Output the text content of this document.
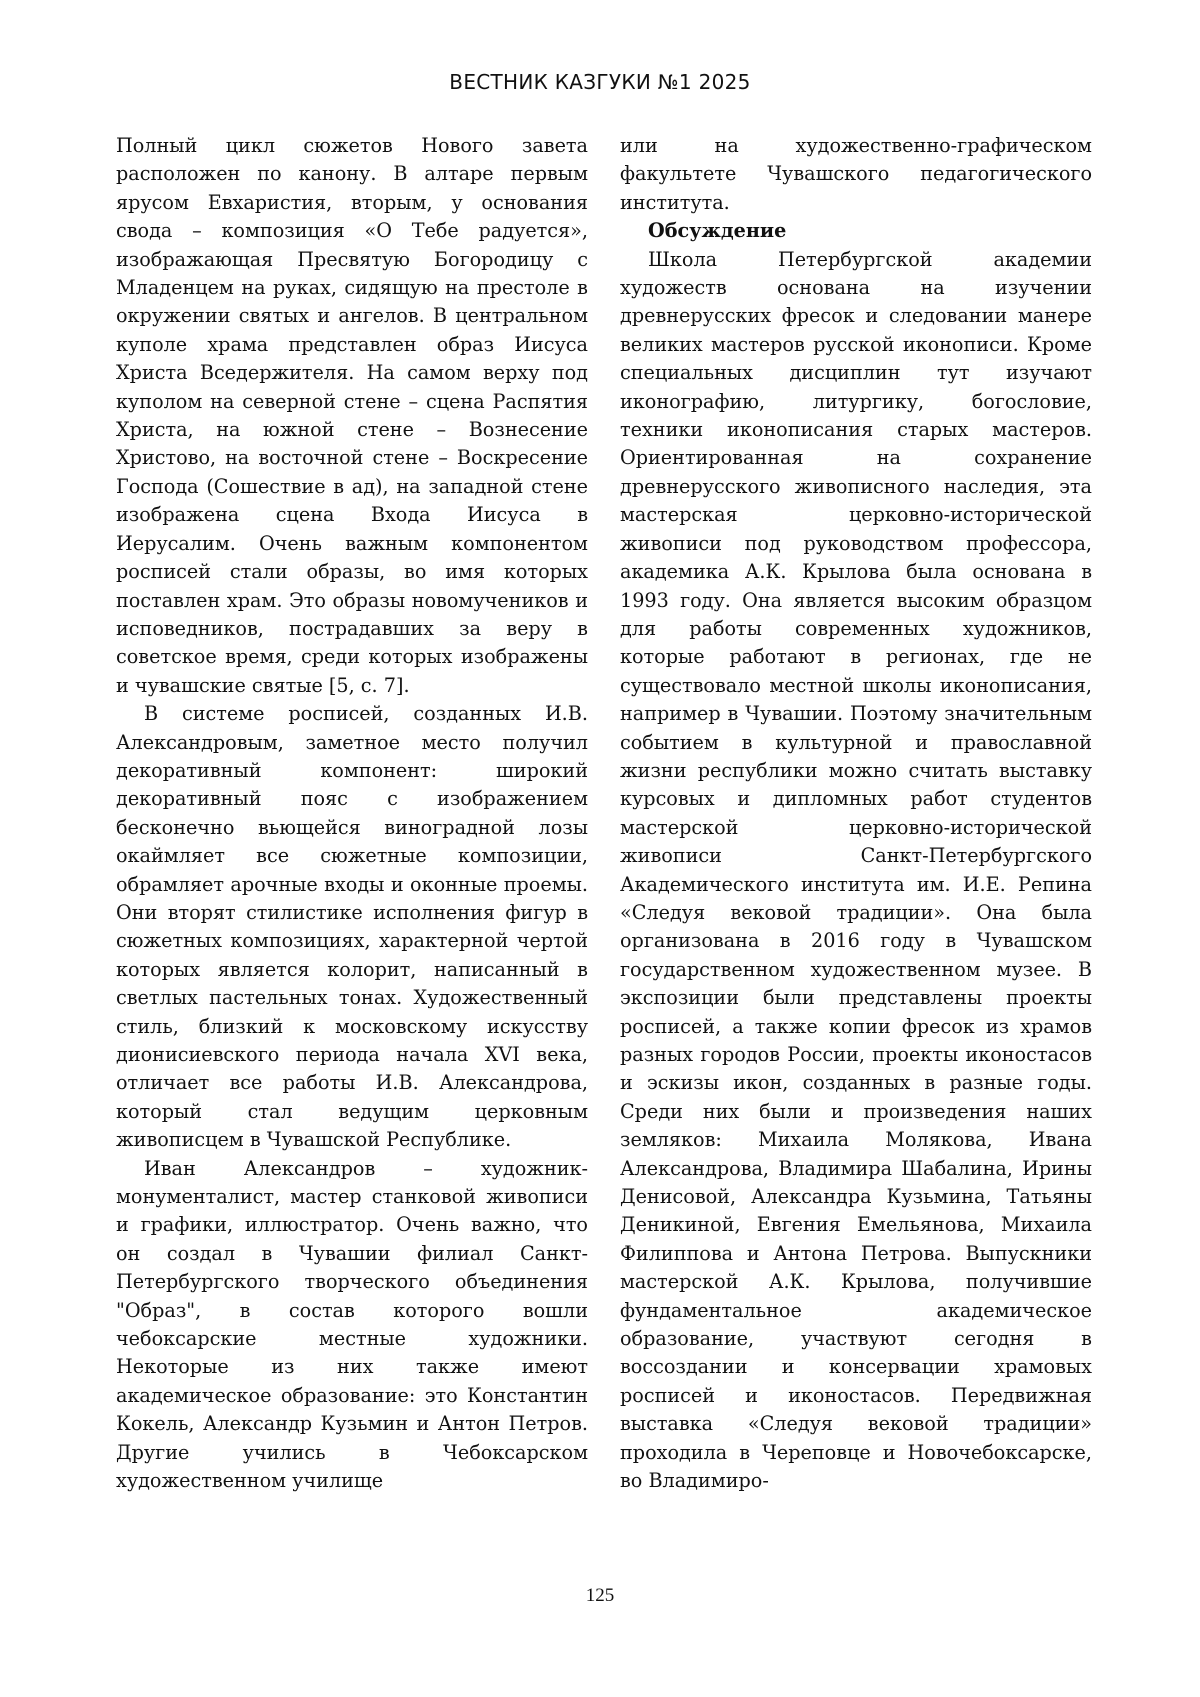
ВЕСТНИК КАЗГУКИ №1 2025

Полный цикл сюжетов Нового завета расположен по канону. В алтаре первым ярусом Евхаристия, вторым, у основания свода – композиция «О Тебе радуется», изображающая Пресвятую Богородицу с Младенцем на руках, сидящую на престоле в окружении святых и ангелов. В центральном куполе храма представлен образ Иисуса Христа Вседержителя. На самом верху под куполом на северной стене – сцена Распятия Христа, на южной стене – Вознесение Христово, на восточной стене – Воскресение Господа (Сошествие в ад), на западной стене изображена сцена Входа Иисуса в Иерусалим. Очень важным компонентом росписей стали образы, во имя которых поставлен храм. Это образы новомучеников и исповедников, пострадавших за веру в советское время, среди которых изображены и чувашские святые [5, с. 7].

В системе росписей, созданных И.В. Александровым, заметное место получил декоративный компонент: широкий декоративный пояс с изображением бесконечно вьющейся виноградной лозы окаймляет все сюжетные композиции, обрамляет арочные входы и оконные проемы. Они вторят стилистике исполнения фигур в сюжетных композициях, характерной чертой которых является колорит, написанный в светлых пастельных тонах. Художественный стиль, близкий к московскому искусству дионисиевского периода начала XVI века, отличает все работы И.В. Александрова, который стал ведущим церковным живописцем в Чувашской Республике.

Иван Александров – художник-монументалист, мастер станковой живописи и графики, иллюстратор. Очень важно, что он создал в Чувашии филиал Санкт-Петербургского творческого объединения "Образ", в состав которого вошли чебоксарские местные художники. Некоторые из них также имеют академическое образование: это Константин Кокель, Александр Кузьмин и Антон Петров. Другие учились в Чебоксарском художественном училище

или на художественно-графическом факультете Чувашского педагогического института.

Обсуждение

Школа Петербургской академии художеств основана на изучении древнерусских фресок и следовании манере великих мастеров русской иконописи. Кроме специальных дисциплин тут изучают иконографию, литургику, богословие, техники иконописания старых мастеров. Ориентированная на сохранение древнерусского живописного наследия, эта мастерская церковно-исторической живописи под руководством профессора, академика А.К. Крылова была основана в 1993 году. Она является высоким образцом для работы современных художников, которые работают в регионах, где не существовало местной школы иконописания, например в Чувашии. Поэтому значительным событием в культурной и православной жизни республики можно считать выставку курсовых и дипломных работ студентов мастерской церковно-исторической живописи Санкт-Петербургского Академического института им. И.Е. Репина «Следуя вековой традиции». Она была организована в 2016 году в Чувашском государственном художественном музее. В экспозиции были представлены проекты росписей, а также копии фресок из храмов разных городов России, проекты иконостасов и эскизы икон, созданных в разные годы. Среди них были и произведения наших земляков: Михаила Молякова, Ивана Александрова, Владимира Шабалина, Ирины Денисовой, Александра Кузьмина, Татьяны Деникиной, Евгения Емельянова, Михаила Филиппова и Антона Петрова. Выпускники мастерской А.К. Крылова, получившие фундаментальное академическое образование, участвуют сегодня в воссоздании и консервации храмовых росписей и иконостасов. Передвижная выставка «Следуя вековой традиции» проходила в Череповце и Новочебоксарске, во Владимиро-

125
